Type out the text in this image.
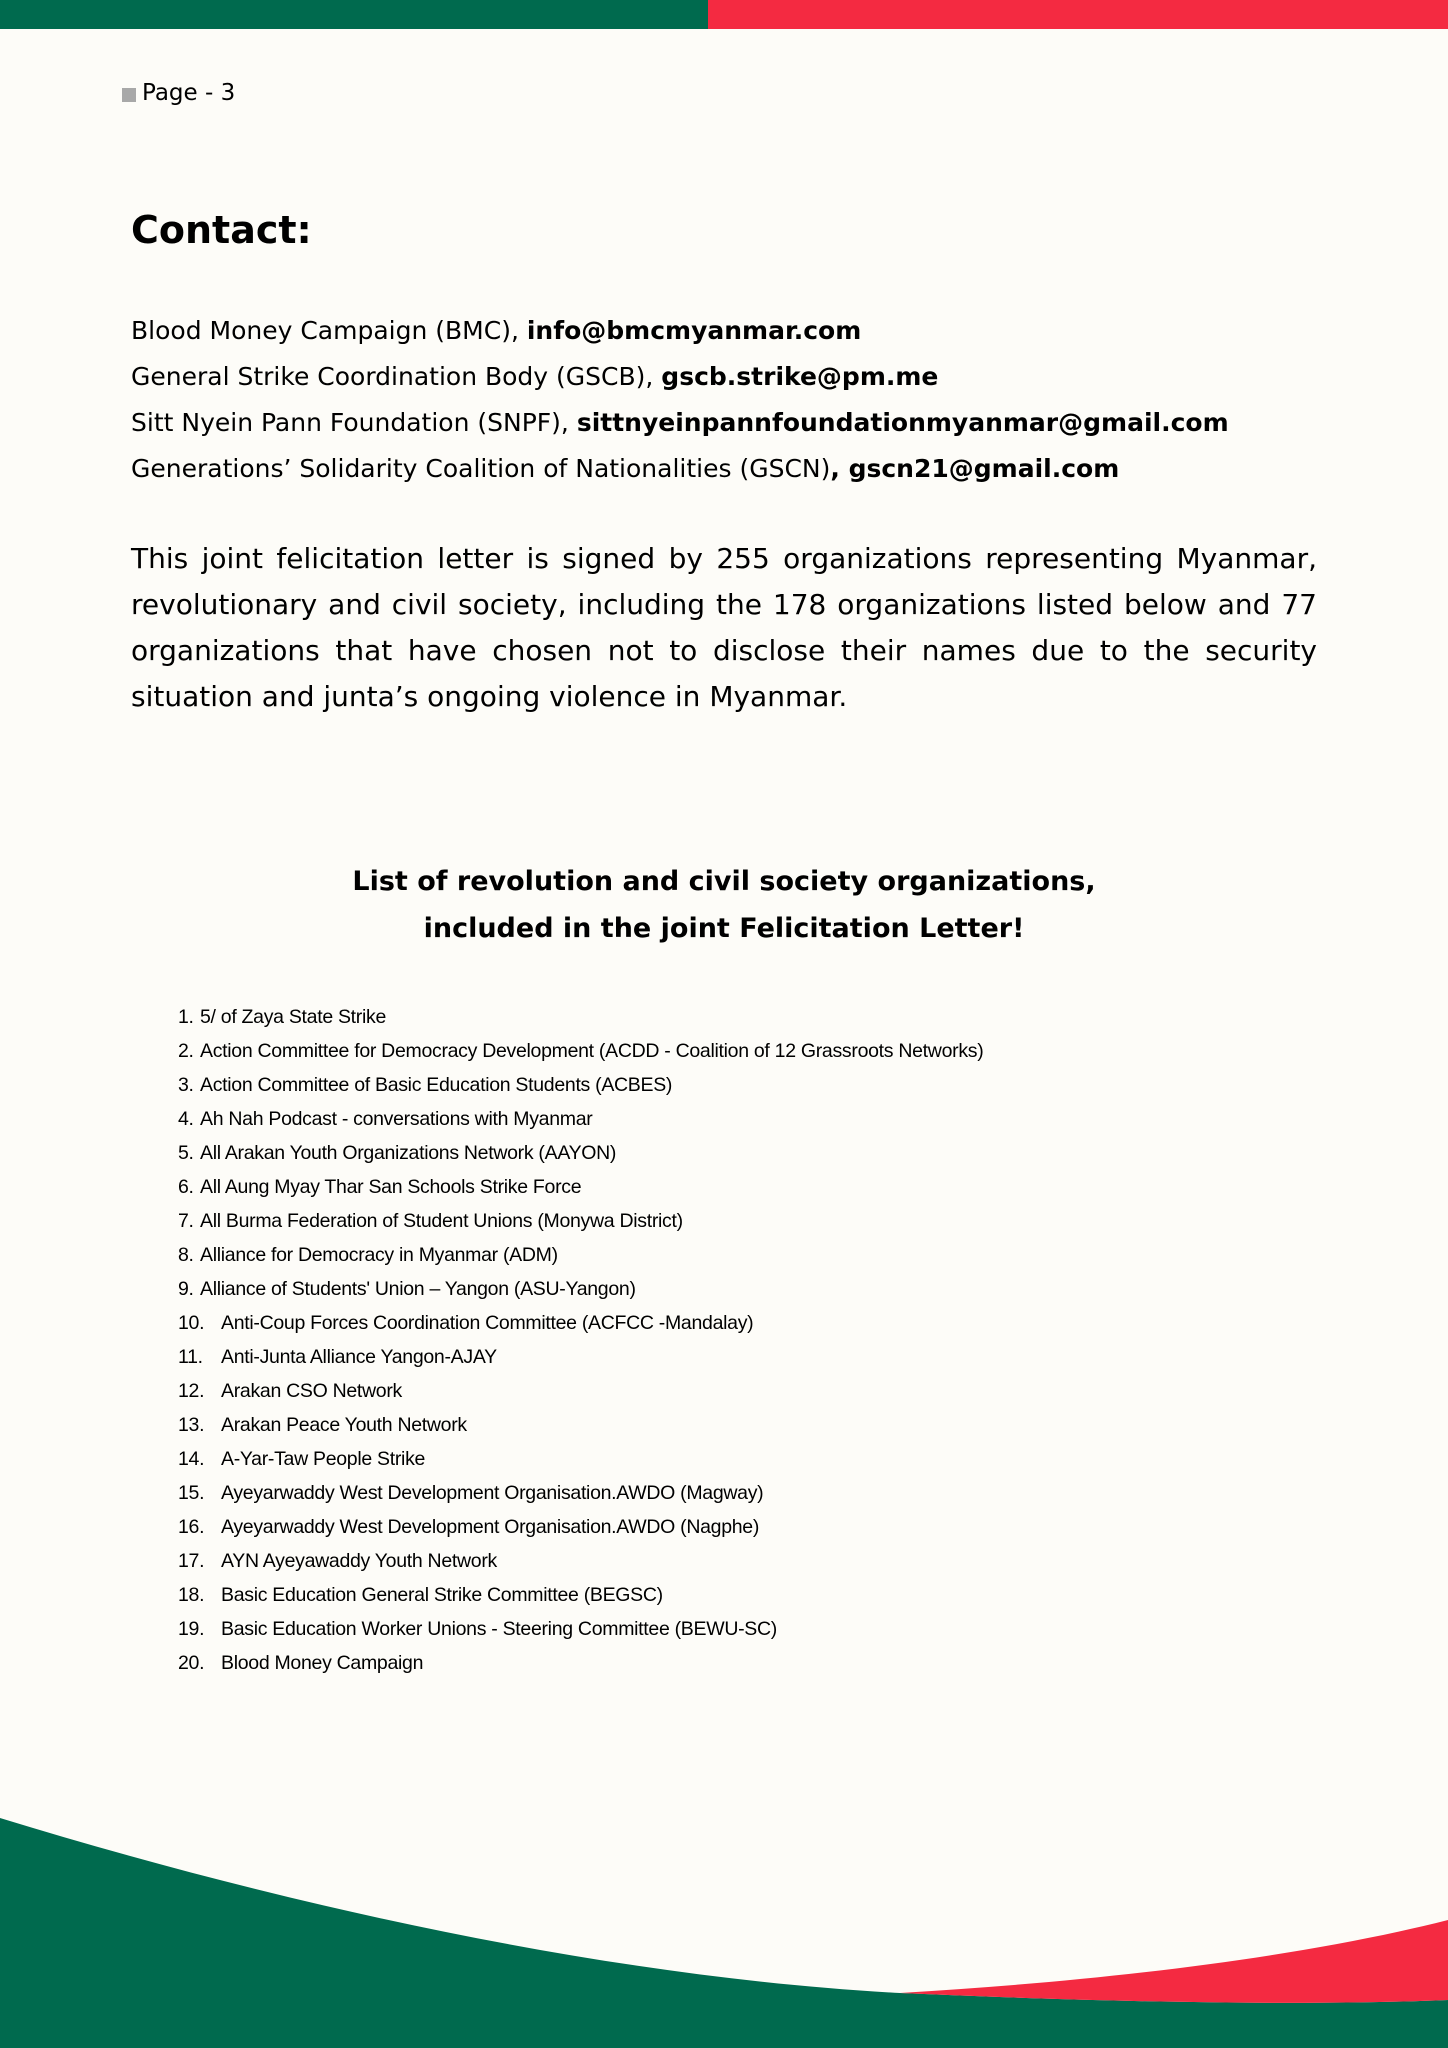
Page - 3
Contact:
Blood Money Campaign (BMC), info@bmcmyanmar.com
General Strike Coordination Body (GSCB), gscb.strike@pm.me
Sitt Nyein Pann Foundation (SNPF), sittnyeinpannfoundationmyanmar@gmail.com
Generations’ Solidarity Coalition of Nationalities (GSCN), gscn21@gmail.com

This joint felicitation letter is signed by 255 organizations representing Myanmar, revolutionary and civil society, including the 178 organizations listed below and 77 organizations that have chosen not to disclose their names due to the security situation and junta’s ongoing violence in Myanmar.

List of revolution and civil society organizations,
included in the joint Felicitation Letter!
1. 5/ of Zaya State Strike
2. Action Committee for Democracy Development (ACDD - Coalition of 12 Grassroots Networks)
3. Action Committee of Basic Education Students (ACBES)
4. Ah Nah Podcast - conversations with Myanmar
5. All Arakan Youth Organizations Network (AAYON)
6. All Aung Myay Thar San Schools Strike Force
7. All Burma Federation of Student Unions (Monywa District)
8. Alliance for Democracy in Myanmar (ADM)
9. Alliance of Students' Union – Yangon (ASU-Yangon)
10. Anti-Coup Forces Coordination Committee (ACFCC -Mandalay)
11. Anti-Junta Alliance Yangon-AJAY
12. Arakan CSO Network
13. Arakan Peace Youth Network
14. A-Yar-Taw People Strike
15. Ayeyarwaddy West Development Organisation.AWDO (Magway)
16. Ayeyarwaddy West Development Organisation.AWDO (Nagphe)
17. AYN Ayeyawaddy Youth Network
18. Basic Education General Strike Committee (BEGSC)
19. Basic Education Worker Unions - Steering Committee (BEWU-SC)
20. Blood Money Campaign
